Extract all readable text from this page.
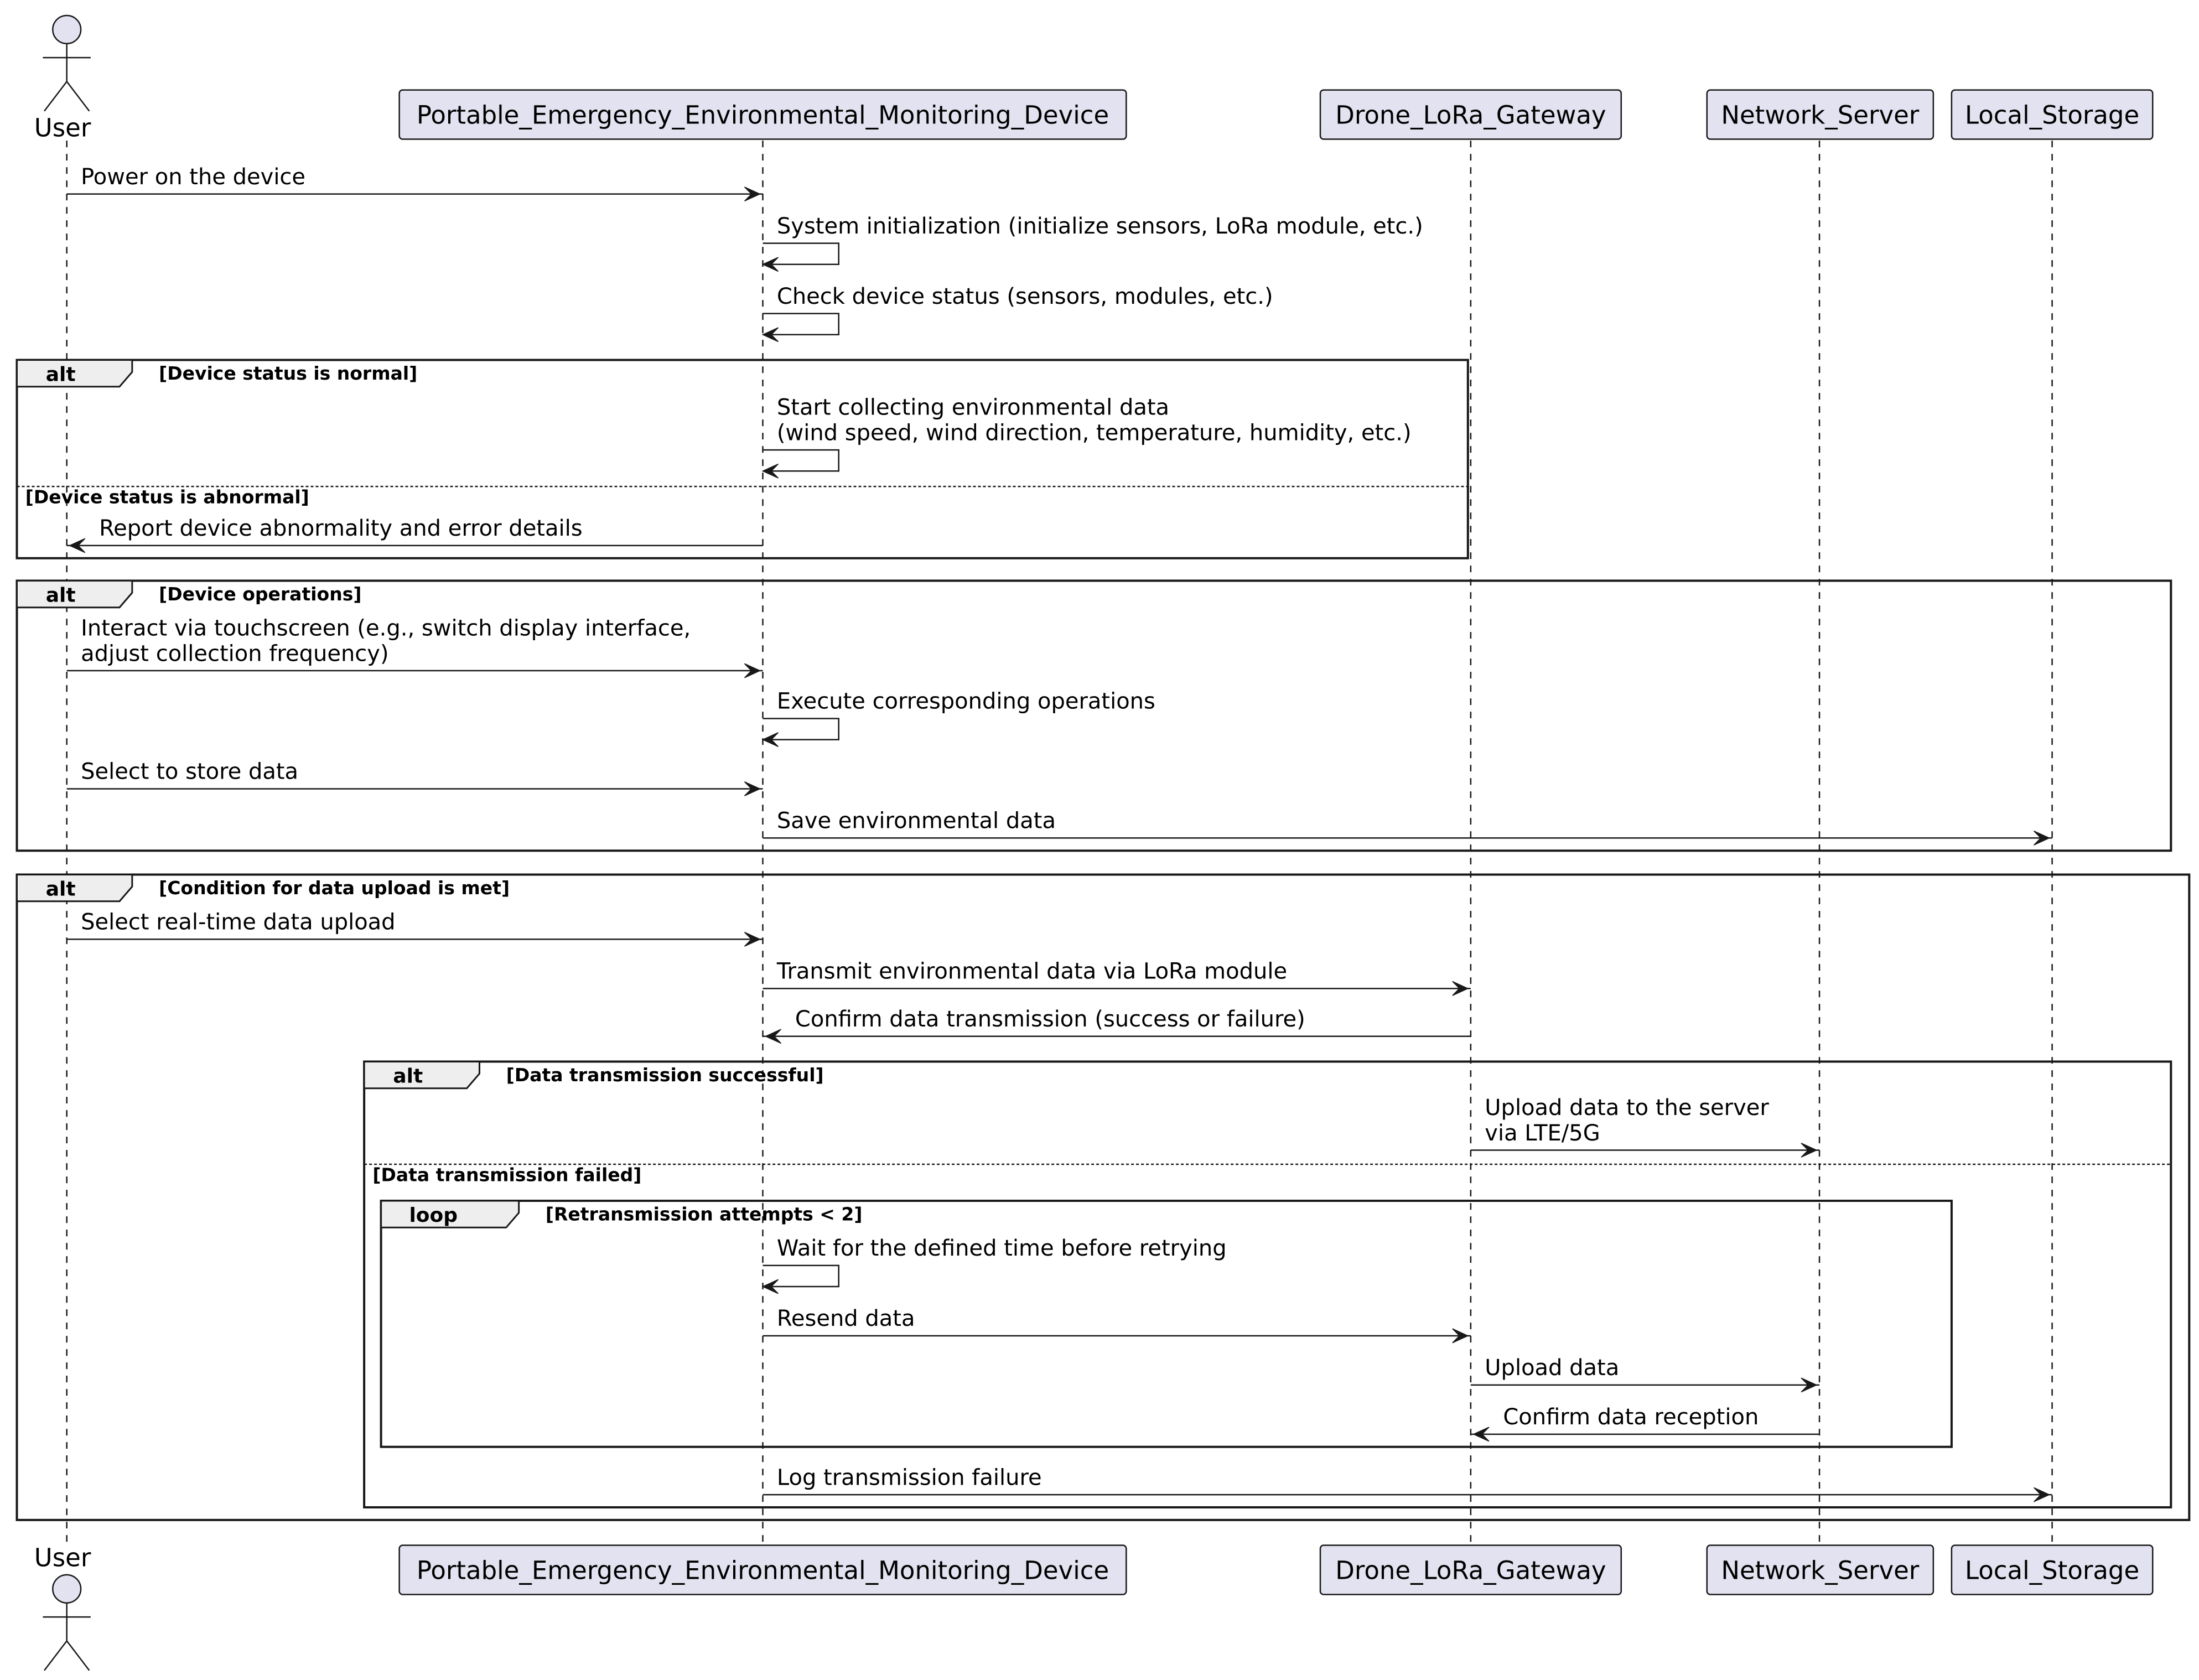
Portable_Emergency_Environmental_Monitoring_Device	Drone_LoRa_Gateway	Network_Server Local_Storage
Portable_Emergency_Environmental_Monitoring_Device	Drone_LoRa_Gateway	Network_Server Local_Storage
User
User
alt	[Device status is normal]
[Device status is abnormal]
alt	[Device operations]
alt	[Condition for data upload is met]
alt	[Data transmission successful]
[Data transmission failed]
loop	[Retransmission attempts < 2]
Power on the device
System initialization (initialize sensors, LoRa module, etc.)
Check device status (sensors, modules, etc.)
Start collecting environmental data
(wind speed, wind direction, temperature, humidity, etc.)
Report device abnormality and error details
Interact via touchscreen (e.g., switch display interface,
adjust collection frequency)
Execute corresponding operations
Select to store data
Save environmental data
Select real-time data upload
Transmit environmental data via LoRa module
Confirm data transmission (success or failure)
Upload data to the server
via LTE/5G
Wait for the defined time before retrying
Resend data
Upload data
Confirm data reception
Log transmission failure
